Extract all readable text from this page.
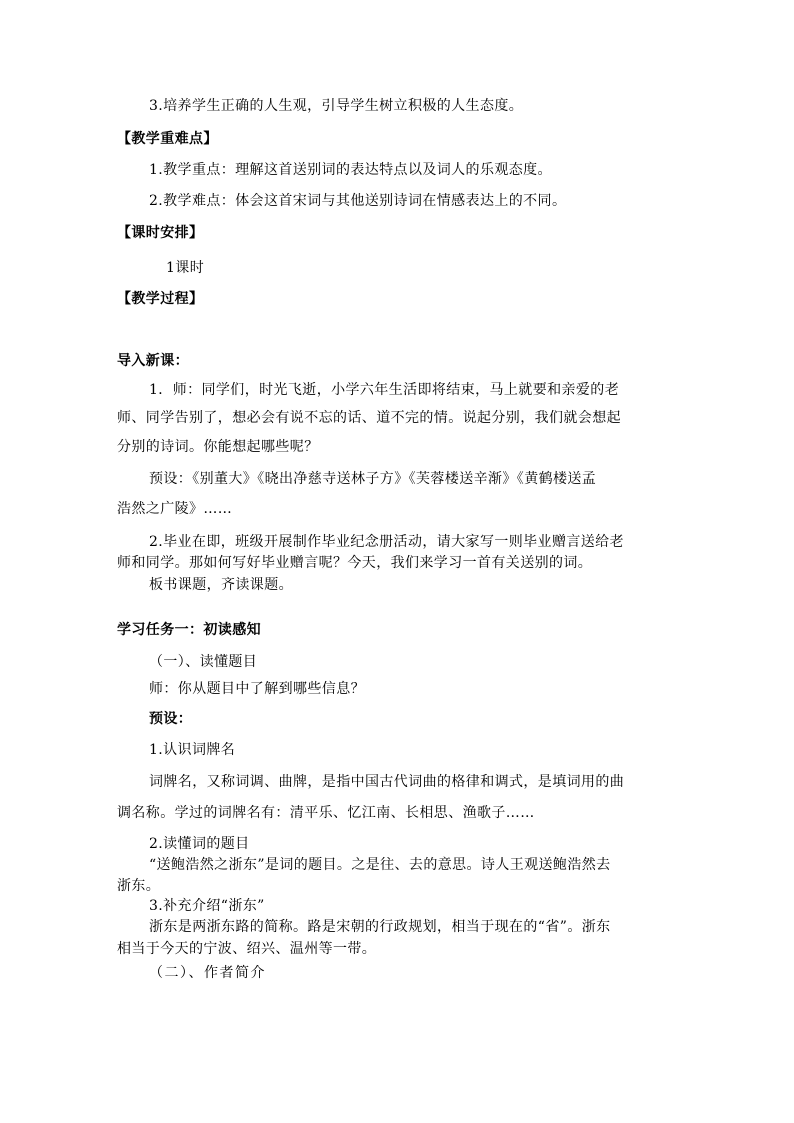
3.培养学生正确的人生观，引导学生树立积极的人生态度。
【教学重难点】
1.教学重点：理解这首送别词的表达特点以及词人的乐观态度。
2.教学难点：体会这首宋词与其他送别诗词在情感表达上的不同。
【课时安排】
1课时
【教学过程】
导入新课：
1．师：同学们，时光飞逝，小学六年生活即将结束，马上就要和亲爱的老
师、同学告别了，想必会有说不忘的话、道不完的情。说起分别，我们就会想起
分别的诗词。你能想起哪些呢？
预设：《别董大》《晓出净慈寺送林子方》《芙蓉楼送辛渐》《黄鹤楼送孟
浩然之广陵》……
2.毕业在即，班级开展制作毕业纪念册活动，请大家写一则毕业赠言送给老
师和同学。那如何写好毕业赠言呢？今天，我们来学习一首有关送别的词。
板书课题，齐读课题。
学习任务一：初读感知
（一）、读懂题目
师：你从题目中了解到哪些信息？
预设：
1.认识词牌名
词牌名，又称词调、曲牌，是指中国古代词曲的格律和调式，是填词用的曲
调名称。学过的词牌名有：清平乐、忆江南、长相思、渔歌子……
2.读懂词的题目
“送鲍浩然之浙东”是词的题目。之是往、去的意思。诗人王观送鲍浩然去
浙东。
3.补充介绍“浙东”
浙东是两浙东路的简称。路是宋朝的行政规划，相当于现在的“省”。浙东
相当于今天的宁波、绍兴、温州等一带。
（二）、作者简介
